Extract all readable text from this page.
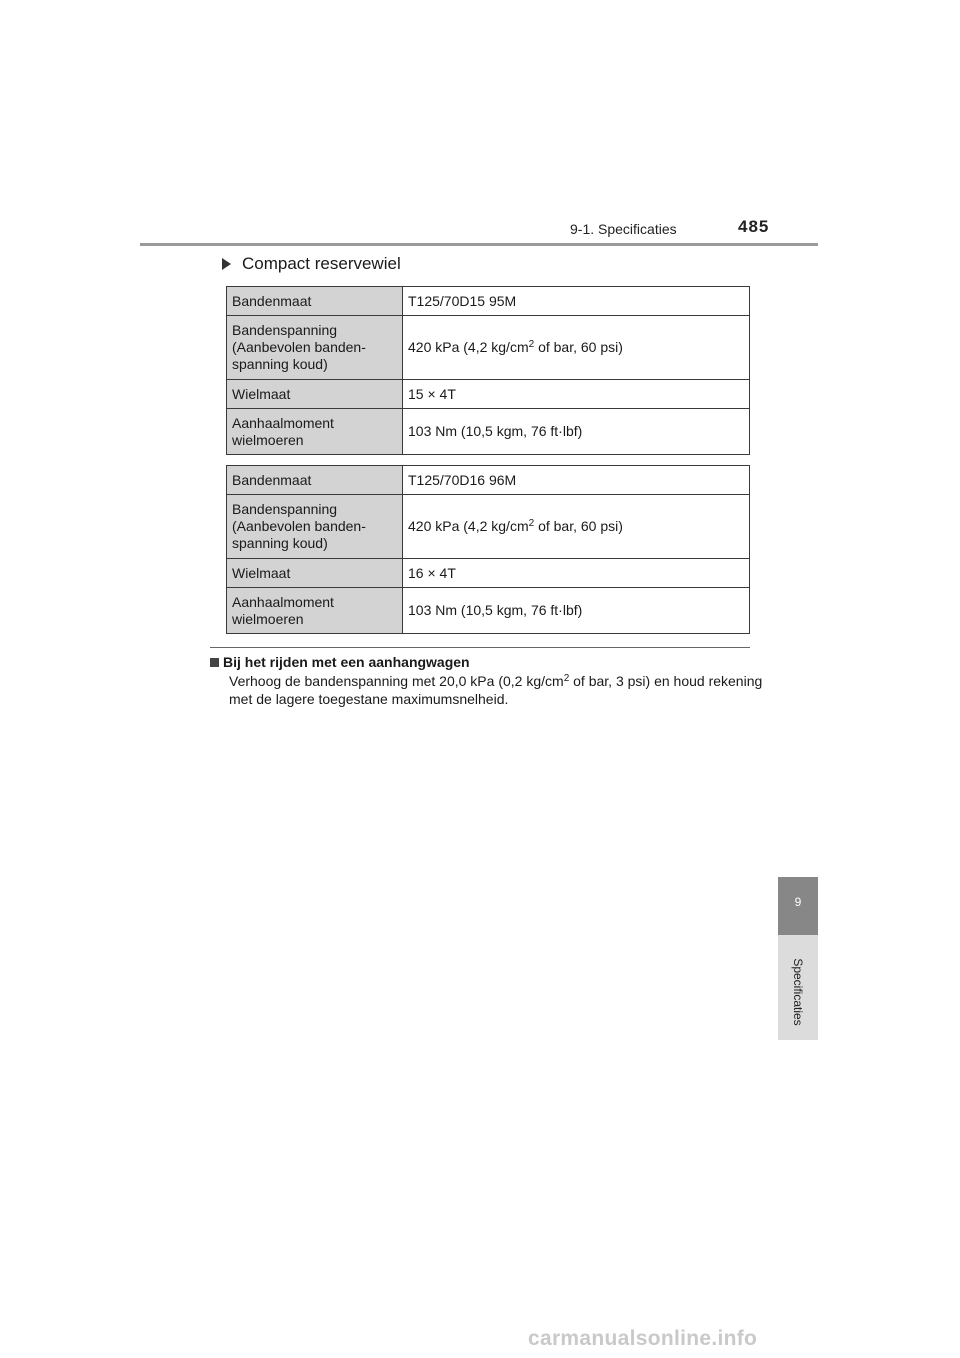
9-1. Specificaties	485
Compact reservewiel
Bandenmaat	T125/70D15 95M
Bandenspanning
(Aanbevolen banden-
spanning koud)	420 kPa (4,2 $kg/cm^2$ of bar, 60 psi)
Wielmaat	15 × 4T
Aanhaalmoment
wielmoeren	103 Nm (10,5 kgm, 76 ft·lbf)
Bandenmaat	T125/70D16 96M
Bandenspanning
(Aanbevolen banden-
spanning koud)	420 kPa (4,2 $kg/cm^2$ of bar, 60 psi)
Wielmaat	16 × 4T
Aanhaalmoment
wielmoeren	103 Nm (10,5 kgm, 76 ft·lbf)
Bij het rijden met een aanhangwagen
Verhoog de bandenspanning met 20,0 kPa (0,2 $kg/cm^2$ of bar, 3 psi) en houd rekening met de lagere toegestane maximumsnelheid.
9
Specificaties
carmanualsonline.info
